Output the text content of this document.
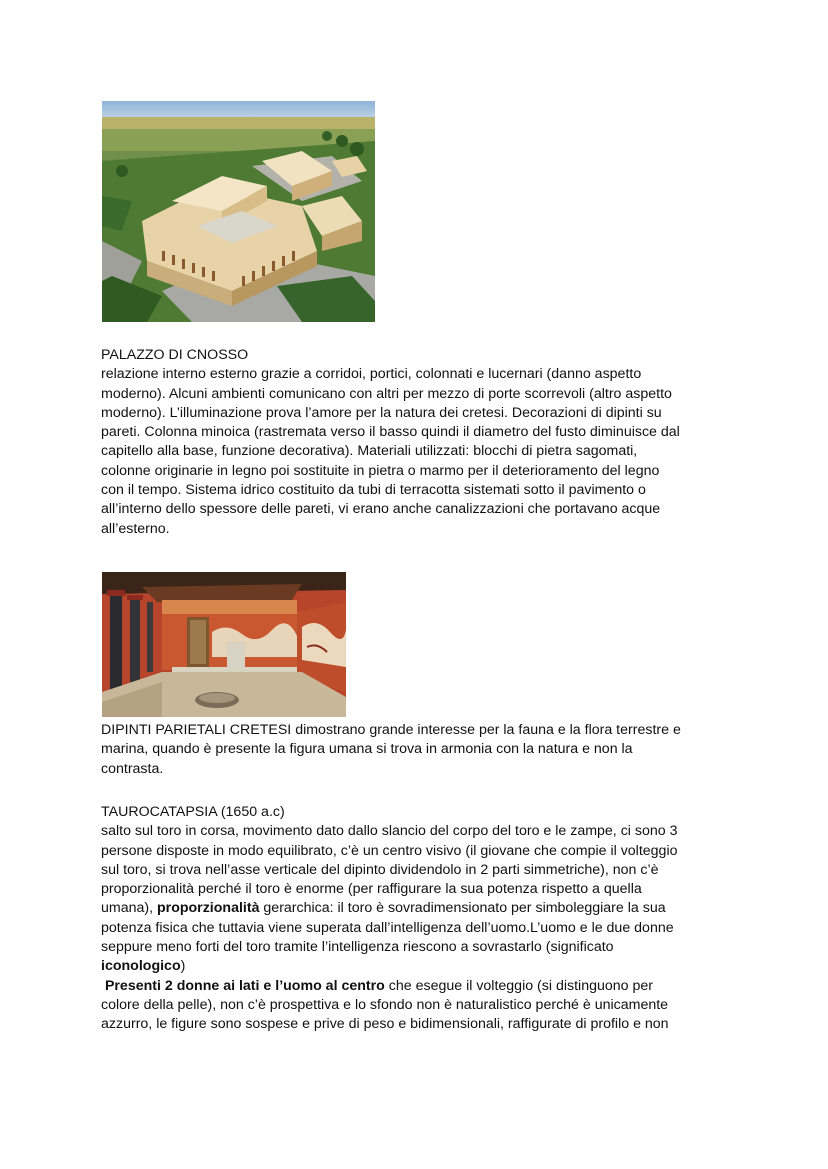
PALAZZO DI CNOSSO

relazione interno esterno grazie a corridoi, portici, colonnati e lucernari (danno aspetto

moderno). Alcuni ambienti comunicano con altri per mezzo di porte scorrevoli (altro aspetto

moderno). L’illuminazione prova l’amore per la natura dei cretesi. Decorazioni di dipinti su

pareti. Colonna minoica (rastremata verso il basso quindi il diametro del fusto diminuisce dal

capitello alla base, funzione decorativa). Materiali utilizzati: blocchi di pietra sagomati,

colonne originarie in legno poi sostituite in pietra o marmo per il deterioramento del legno

con il tempo. Sistema idrico costituito da tubi di terracotta sistemati sotto il pavimento o

all’interno dello spessore delle pareti, vi erano anche canalizzazioni che portavano acque

all’esterno.

DIPINTI PARIETALI CRETESI dimostrano grande interesse per la fauna e la flora terrestre e

marina, quando è presente la figura umana si trova in armonia con la natura e non la

contrasta.

TAUROCATAPSIA (1650 a.c)

salto sul toro in corsa, movimento dato dallo slancio del corpo del toro e le zampe, ci sono 3

persone disposte in modo equilibrato, c’è un centro visivo (il giovane che compie il volteggio

sul toro, si trova nell’asse verticale del dipinto dividendolo in 2 parti simmetriche), non c’è

proporzionalità perché il toro è enorme (per raffigurare la sua potenza rispetto a quella

umana), proporzionalità gerarchica: il toro è sovradimensionato per simboleggiare la sua

potenza fisica che tuttavia viene superata dall’intelligenza dell’uomo.L’uomo e le due donne

seppure meno forti del toro tramite l’intelligenza riescono a sovrastarlo (significato

iconologico)

Presenti 2 donne ai lati e l’uomo al centro che esegue il volteggio (si distinguono per

colore della pelle), non c’è prospettiva e lo sfondo non è naturalistico perché è unicamente

azzurro, le figure sono sospese e prive di peso e bidimensionali, raffigurate di profilo e non
